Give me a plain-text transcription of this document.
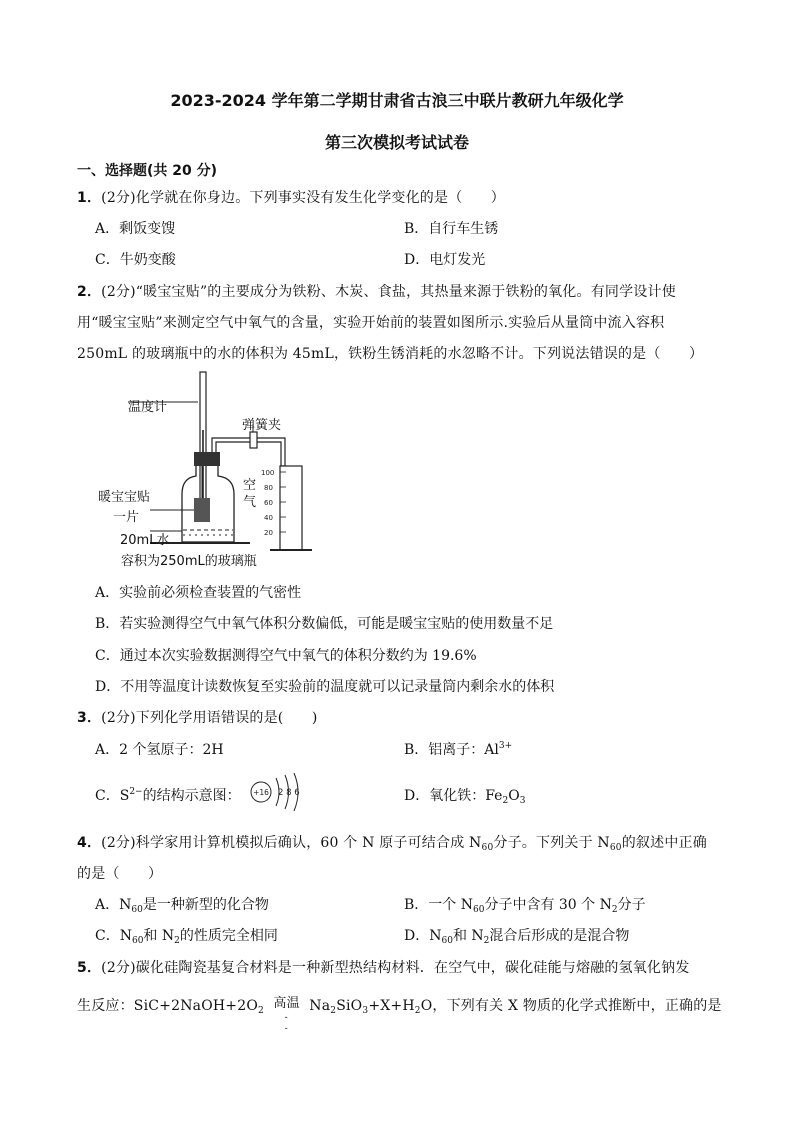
2023-2024 学年第二学期甘肃省古浪三中联片教研九年级化学
第三次模拟考试试卷
一、选择题(共 20 分)
1．(2分)化学就在你身边。下列事实没有发生化学变化的是（　　）
A．剩饭变馊	B．自行车生锈
C．牛奶变酸	D．电灯发光
2．(2分)“暖宝宝贴”的主要成分为铁粉、木炭、食盐，其热量来源于铁粉的氧化。有同学设计使
用“暖宝宝贴”来测定空气中氧气的含量，实验开始前的装置如图所示.实验后从量筒中流入容积
250mL 的玻璃瓶中的水的体积为 45mL，铁粉生锈消耗的水忽略不计。下列说法错误的是（　　）
100
80
60
40
20
温度计
弹簧夹
暖宝宝贴
一片
空
气
20mL水
容积为250mL的玻璃瓶
A．实验前必须检查装置的气密性
B．若实验测得空气中氧气体积分数偏低，可能是暖宝宝贴的使用数量不足
C．通过本次实验数据测得空气中氧气的体积分数约为 19.6%
D．不用等温度计读数恢复至实验前的温度就可以记录量筒内剩余水的体积
3．(2分)下列化学用语错误的是(　　)
A．2 个氢原子：2H	B．铝离子：$Al^{3+}$
C．$S^{2-}$的结构示意图： +16 2 8 6	D．氧化铁：$Fe_2O_3$
4．(2分)科学家用计算机模拟后确认，60 个 N 原子可结合成 $N_{60}$分子。下列关于 $N_{60}$的叙述中正确
的是（　　）
A．$N_{60}$是一种新型的化合物	B．一个 $N_{60}$分子中含有 30 个 $N_2$分子
C．$N_{60}$和 $N_2$的性质完全相同	D．$N_{60}$和 $N_2$混合后形成的是混合物
5．(2分)碳化硅陶瓷基复合材料是一种新型热结构材料．在空气中，碳化硅能与熔融的氢氧化钠发
生反应：$SiC+2NaOH+2O_2$ 高温
-
-
$Na_2SiO_3+X+H_2O$，下列有关 X 物质的化学式推断中，正确的是
